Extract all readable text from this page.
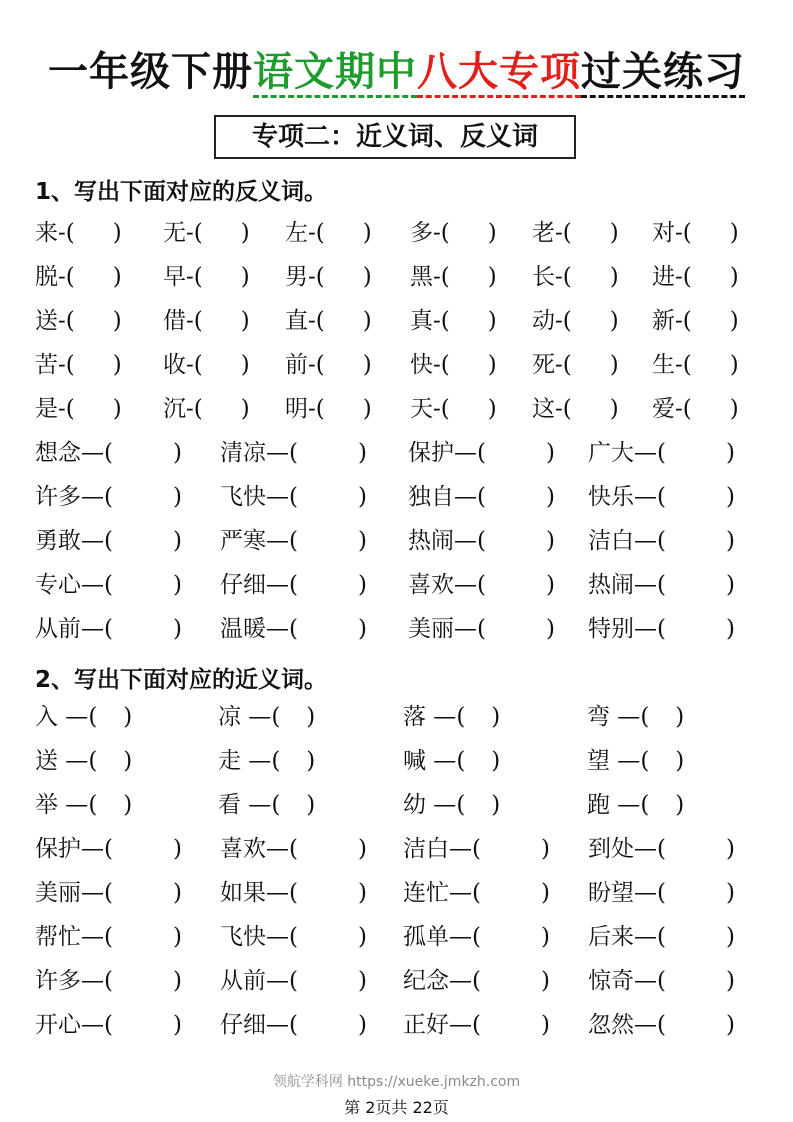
一年级下册语文期中八大专项过关练习
专项二：近义词、反义词
1、写出下面对应的反义词。
来-( ) 无-( ) 左-( ) 多-( ) 老-( ) 对-( )
脱-( ) 早-( ) 男-( ) 黑-( ) 长-( ) 进-( )
送-( ) 借-( ) 直-( ) 真-( ) 动-( ) 新-( )
苦-( ) 收-( ) 前-( ) 快-( ) 死-( ) 生-( )
是-( ) 沉-( ) 明-( ) 天-( ) 这-( ) 爱-( )
想念—(	) 清凉—(	) 保护—(	) 广大—(	)
许多—(	) 飞快—(	) 独自—(	) 快乐—(	)
勇敢—(	) 严寒—(	) 热闹—(	) 洁白—(	)
专心—(	) 仔细—(	) 喜欢—(	) 热闹—(	)
从前—(	) 温暖—(	) 美丽—(	) 特别—(	)
2、写出下面对应的近义词。
入 —( )	凉 —( )	落 —( )	弯 —( )
送 —( )	走 —( )	喊 —( )	望 —( )
举 —( )	看 —( )	幼 —( )	跑 —( )
保护—(	) 喜欢—(	) 洁白—(	) 到处—(	)
美丽—(	) 如果—(	) 连忙—(	) 盼望—(	)
帮忙—(	) 飞快—(	) 孤单—(	) 后来—(	)
许多—(	) 从前—(	) 纪念—(	) 惊奇—(	)
开心—(	) 仔细—(	) 正好—(	) 忽然—(	)
领航学科网 https://xueke.jmkzh.com
第 2页共 22页
